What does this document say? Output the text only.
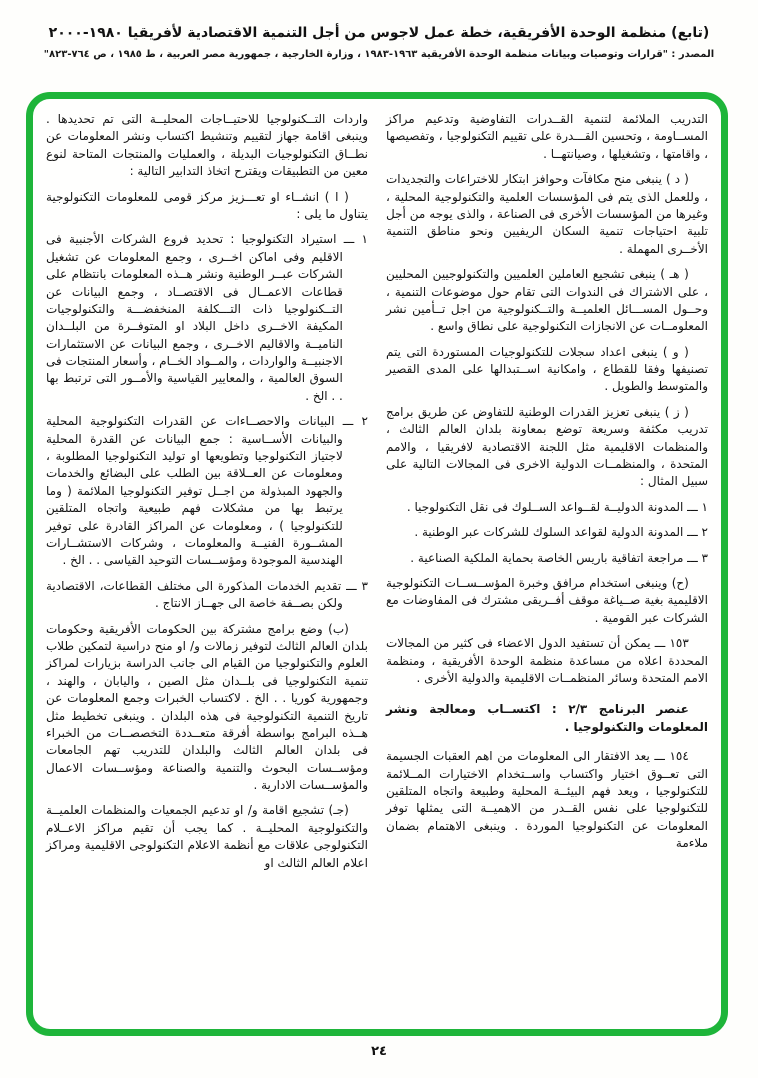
(تابع) منظمة الوحدة الأفريقية، خطة عمل لاجوس من أجل التنمية الاقتصادية لأفريقيا ١٩٨٠-٢٠٠٠
المصدر : "قرارات وتوصيات وبيانات منظمة الوحدة الأفريقية ١٩٦٣-١٩٨٣ ، وزارة الخارجية ، جمهورية مصر العربية ، ط ١٩٨٥ ، ص ٧٦٤-٨٢٣"

التدريب الملائمة لتنمية القــدرات التفاوضية وتدعيم مراكز المســاومة ، وتحسين القـــدرة على تقييم التكنولوجيا ، وتفصيصها ، واقامتها ، وتشغيلها ، وصيانتهــا .

( د ) ينبغى منح مكافآت وحوافز ابتكار للاختراعات والتجديدات ، وللعمل الذى يتم فى المؤسسات العلمية والتكنولوجية المحلية ، وغيرها من المؤسسات الأخرى فى الصناعة ، والذى يوجه من أجل تلبية احتياجات تنمية السكان الريفيين ونحو مناطق التنمية الأخــرى المهملة .

( هـ ) ينبغى تشجيع العاملين العلميين والتكنولوجيين المحليين ، على الاشتراك فى الندوات التى تقام حول موضوعات التنمية ، وحــول المســـائل العلميــة والتــكنولوجية من اجل تــأمين نشر المعلومــات عن الانجازات التكنولوجية على نطاق واسع .

( و ) ينبغى اعداد سجلات للتكنولوجيات المستوردة التى يتم تصنيفها وفقا للقطاع ، وامكانية اســتبدالها على المدى القصير والمتوسط والطويل .

( ز ) ينبغى تعزيز القدرات الوطنية للتفاوض عن طريق برامج تدريب مكثفة وسريعة توضع بمعاونة بلدان العالم الثالث ، والمنظمات الاقليمية مثل اللجنة الاقتصادية لافريقيا ، والامم المتحدة ، والمنظمــات الدولية الاخرى فى المجالات التالية على سبيل المثال :

١ ـــ المدونة الدوليــة لقــواعد الســلوك فى نقل التكنولوجيا .

٢ ـــ المدونة الدولية لقواعد السلوك للشركات عبر الوطنية .

٣ ـــ مراجعة اتفاقية باريس الخاصة بحماية الملكية الصناعية .

(ح) وينبغى استخدام مرافق وخبرة المؤســســات التكنولوجية الاقليمية بغية صــياغة موقف أفــريقى مشترك فى المفاوضات مع الشركات عبر القومية .

١٥٣ ـــ يمكن أن تستفيد الدول الاعضاء فى كثير من المجالات المحددة اعلاه من مساعدة منظمة الوحدة الأفريقية ، ومنظمة الامم المتحدة وسائر المنظمــات الاقليمية والدولية الأخرى .

عنصر البرنامج ٢/٣ : اكتســاب ومعالجة ونشر المعلومات والتكنولوجيا .

١٥٤ ـــ يعد الافتقار الى المعلومات من اهم العقبات الجسيمة التى تعــوق اختيار واكتساب واســتخدام الاختيارات المــلائمة للتكنولوجيا ، ويعد فهم البيئــة المحلية وطبيعة واتجاه المتلقين للتكنولوجيا على نفس القــدر من الاهميــة التى يمثلها توفر المعلومات عن التكنولوجيا الموردة . وينبغى الاهتمام بضمان ملاءمة

واردات التــكنولوجيا للاحتيــاجات المحليــة التى تم تحديدها . وينبغى اقامة جهاز لتقييم وتنشيط اكتساب ونشر المعلومات عن نطــاق التكنولوجيات البديلة ، والعمليات والمنتجات المتاحة لنوع معين من التطبيقات ويقترح اتخاذ التدابير التالية :

( ا ) انشــاء او تعـــزيز مركز قومى للمعلومات التكنولوجية يتناول ما يلى :

١ ـــ استيراد التكنولوجيا : تحديد فروع الشركات الأجنبية فى الاقليم وفى اماكن اخــرى ، وجمع المعلومات عن تشغيل الشركات عبــر الوطنية ونشر هــذه المعلومات بانتظام على قطاعات الاعمــال فى الاقتصــاد ، وجمع البيانات عن التــكنولوجيا ذات التـــكلفة المنخفضـــة والتكنولوجيات المكيفة الاخــرى داخل البلاد او المتوفــرة من البلــدان الناميــة والاقاليم الاخــرى ، وجمع البيانات عن الاستثمارات الاجنبيــة والواردات ، والمــواد الخــام ، وأسعار المنتجات فى السوق العالمية ، والمعايير القياسية والأمــور التى ترتبط بها . . الخ .

٢ ـــ البيانات والاحصــاءات عن القدرات التكنولوجية المحلية والبيانات الأســاسية : جمع البيانات عن القدرة المحلية لاجتياز التكنولوجيا وتطويعها او توليد التكنولوجيا المطلوبة ، ومعلومات عن العــلاقة بين الطلب على البضائع والخدمات والجهود المبذولة من اجــل توفير التكنولوجيا الملائمة ( وما يرتبط بها من مشكلات فهم طبيعية واتجاه المتلقين للتكنولوجيا ) ، ومعلومات عن المراكز القادرة على توفير المشــورة الفنيــة والمعلومات ، وشركات الاستشــارات الهندسية الموجودة ومؤســسات التوحيد القياسى . . الخ .

٣ ـــ تقديم الخدمات المذكورة الى مختلف القطاعات، الاقتصادية ولكن بصــفة خاصة الى جهــاز الانتاج .

(ب) وضع برامج مشتركة بين الحكومات الأفريقية وحكومات بلدان العالم الثالث لتوفير زمالات و/ او منح دراسية لتمكين طلاب العلوم والتكنولوجيا من القيام الى جانب الدراسة بزيارات لمراكز تنمية التكنولوجيا فى بلــدان مثل الصين ، واليابان ، والهند ، وجمهورية كوريا . . الخ . لاكتساب الخبرات وجمع المعلومات عن تاريخ التنمية التكنولوجية فى هذه البلدان . وينبغى تخطيط مثل هــذه البرامج بواسطة أفرقة متعــددة التخصصــات من الخبراء فى بلدان العالم الثالث والبلدان للتدريب تهم الجامعات ومؤســسات البحوث والتنمية والصناعة ومؤســسات الاعمال والمؤســسات الادارية .

(جـ) تشجيع اقامة و/ او تدعيم الجمعيات والمنظمات العلميــة والتكنولوجية المحليــة . كما يجب أن تقيم مراكز الاعــلام التكنولوجى علاقات مع أنظمة الاعلام التكنولوجى الاقليمية ومراكز اعلام العالم الثالث او

٢٤
